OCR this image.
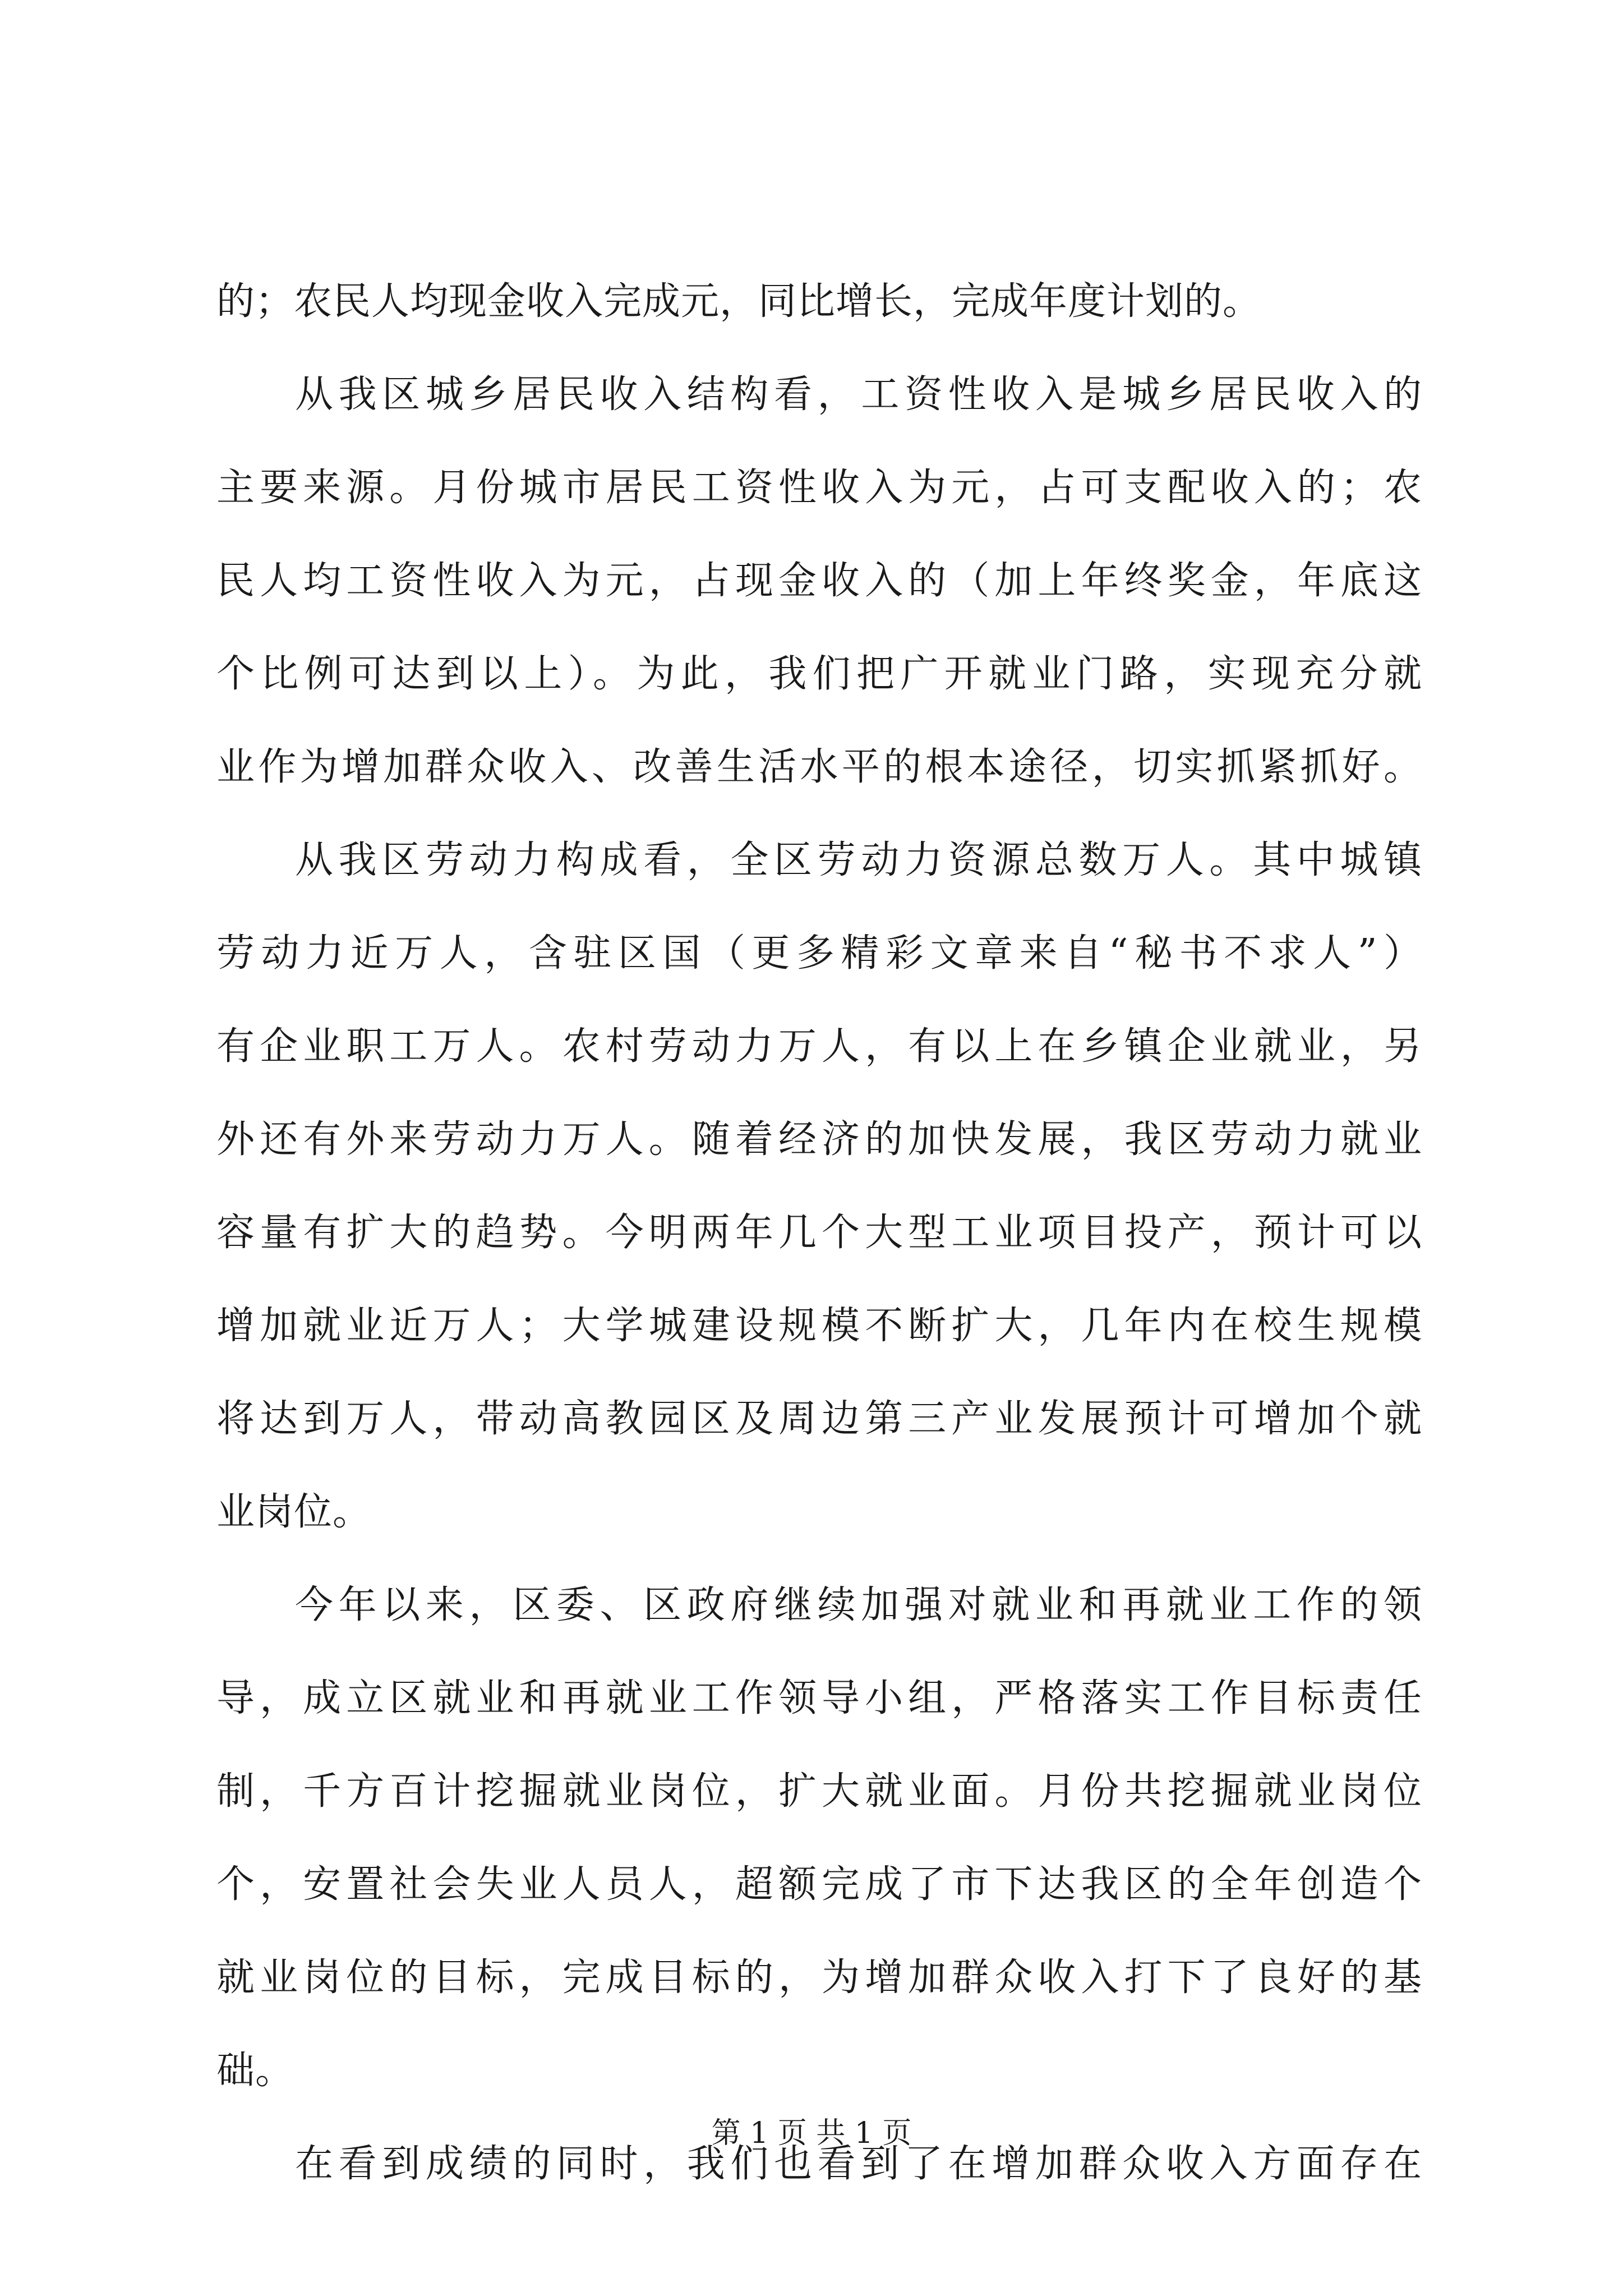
的；农民人均现金收入完成元，同比增长，完成年度计划的。
从我区城乡居民收入结构看，工资性收入是城乡居民收入的
主要来源。月份城市居民工资性收入为元，占可支配收入的；农
民人均工资性收入为元，占现金收入的（加上年终奖金，年底这
个比例可达到以上）。为此，我们把广开就业门路，实现充分就
业作为增加群众收入、改善生活水平的根本途径，切实抓紧抓好。
从我区劳动力构成看，全区劳动力资源总数万人。其中城镇
劳动力近万人，含驻区国（更多精彩文章来自“秘书不求人”）
有企业职工万人。农村劳动力万人，有以上在乡镇企业就业，另
外还有外来劳动力万人。随着经济的加快发展，我区劳动力就业
容量有扩大的趋势。今明两年几个大型工业项目投产，预计可以
增加就业近万人；大学城建设规模不断扩大，几年内在校生规模
将达到万人，带动高教园区及周边第三产业发展预计可增加个就
业岗位。
今年以来，区委、区政府继续加强对就业和再就业工作的领
导，成立区就业和再就业工作领导小组，严格落实工作目标责任
制，千方百计挖掘就业岗位，扩大就业面。月份共挖掘就业岗位
个，安置社会失业人员人，超额完成了市下达我区的全年创造个
就业岗位的目标，完成目标的，为增加群众收入打下了良好的基
础。
在看到成绩的同时，我们也看到了在增加群众收入方面存在
第 1 页 共 1 页
